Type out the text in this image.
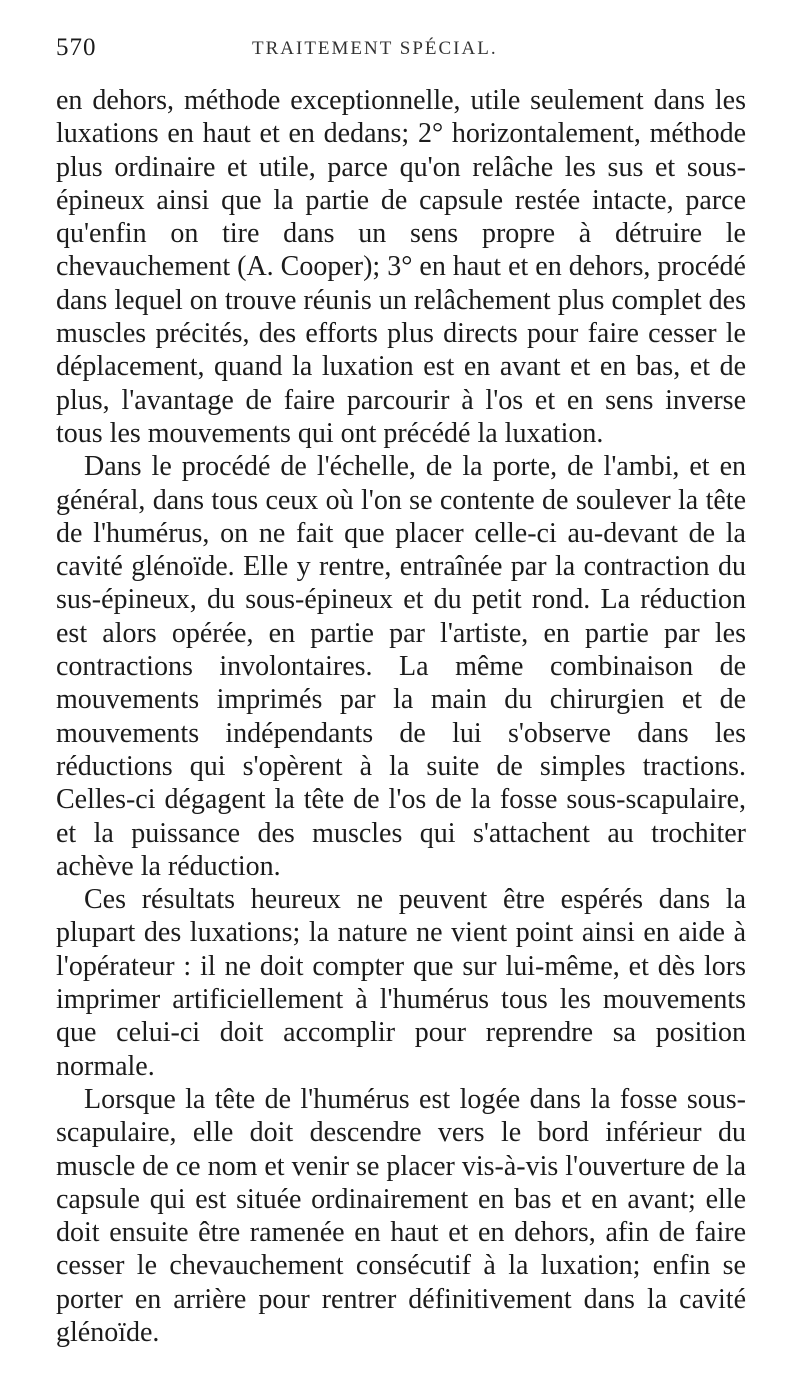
570	TRAITEMENT SPÉCIAL.

en dehors, méthode exceptionnelle, utile seulement dans les luxations en haut et en dedans; 2° horizontalement, méthode plus ordinaire et utile, parce qu'on relâche les sus et sous-épineux ainsi que la partie de capsule restée intacte, parce qu'enfin on tire dans un sens propre à détruire le chevauchement (A. Cooper); 3° en haut et en dehors, procédé dans lequel on trouve réunis un relâchement plus complet des muscles précités, des efforts plus directs pour faire cesser le déplacement, quand la luxation est en avant et en bas, et de plus, l'avantage de faire parcourir à l'os et en sens inverse tous les mouvements qui ont précédé la luxation.

Dans le procédé de l'échelle, de la porte, de l'ambi, et en général, dans tous ceux où l'on se contente de soulever la tête de l'humérus, on ne fait que placer celle-ci au-devant de la cavité glénoïde. Elle y rentre, entraînée par la contraction du sus-épineux, du sous-épineux et du petit rond. La réduction est alors opérée, en partie par l'artiste, en partie par les contractions involontaires. La même combinaison de mouvements imprimés par la main du chirurgien et de mouvements indépendants de lui s'observe dans les réductions qui s'opèrent à la suite de simples tractions. Celles-ci dégagent la tête de l'os de la fosse sous-scapulaire, et la puissance des muscles qui s'attachent au trochiter achève la réduction.

Ces résultats heureux ne peuvent être espérés dans la plupart des luxations; la nature ne vient point ainsi en aide à l'opérateur : il ne doit compter que sur lui-même, et dès lors imprimer artificiellement à l'humérus tous les mouvements que celui-ci doit accomplir pour reprendre sa position normale.

Lorsque la tête de l'humérus est logée dans la fosse sous-scapulaire, elle doit descendre vers le bord inférieur du muscle de ce nom et venir se placer vis-à-vis l'ouverture de la capsule qui est située ordinairement en bas et en avant; elle doit ensuite être ramenée en haut et en dehors, afin de faire cesser le chevauchement consécutif à la luxation; enfin se porter en arrière pour rentrer définitivement dans la cavité glénoïde.
